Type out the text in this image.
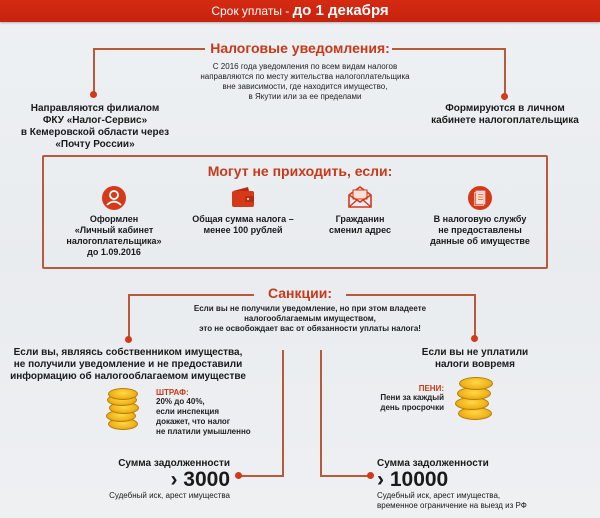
Срок уплаты - до 1 декабря
Налоговые уведомления:
С 2016 года уведомления по всем видам налогов
направляются по месту жительства налогоплательщика
вне зависимости, где находится имущество,
в Якутии или за ее пределами
Направляются филиалом
ФКУ «Налог-Сервис»
в Кемеровской области через
«Почту России»
Формируются в личном
кабинете налогоплательщика
Могут не приходить, если:
Оформлен
«Личный кабинет
налогоплательщика»
до 1.09.2016
Общая сумма налога –
менее 100 рублей
Гражданин
сменил адрес
В налоговую службу
не предоставлены
данные об имуществе
Санкции:
Если вы не получили уведомление, но при этом владеете
налогооблагаемым имуществом,
это не освобождает вас от обязанности уплаты налога!
Если вы, являясь собственником имущества,
не получили уведомление и не предоставили
информацию об налогооблагаемом имуществе
ШТРАФ:
20% до 40%,
если инспекция
докажет, что налог
не платили умышленно
Если вы не уплатили
налоги вовремя
ПЕНИ:
Пени за каждый
день просрочки
Сумма задолженности
› 3000
Судебный иск, арест имущества
Сумма задолженности
› 10000
Судебный иск, арест имущества,
временное ограничение на выезд из РФ
